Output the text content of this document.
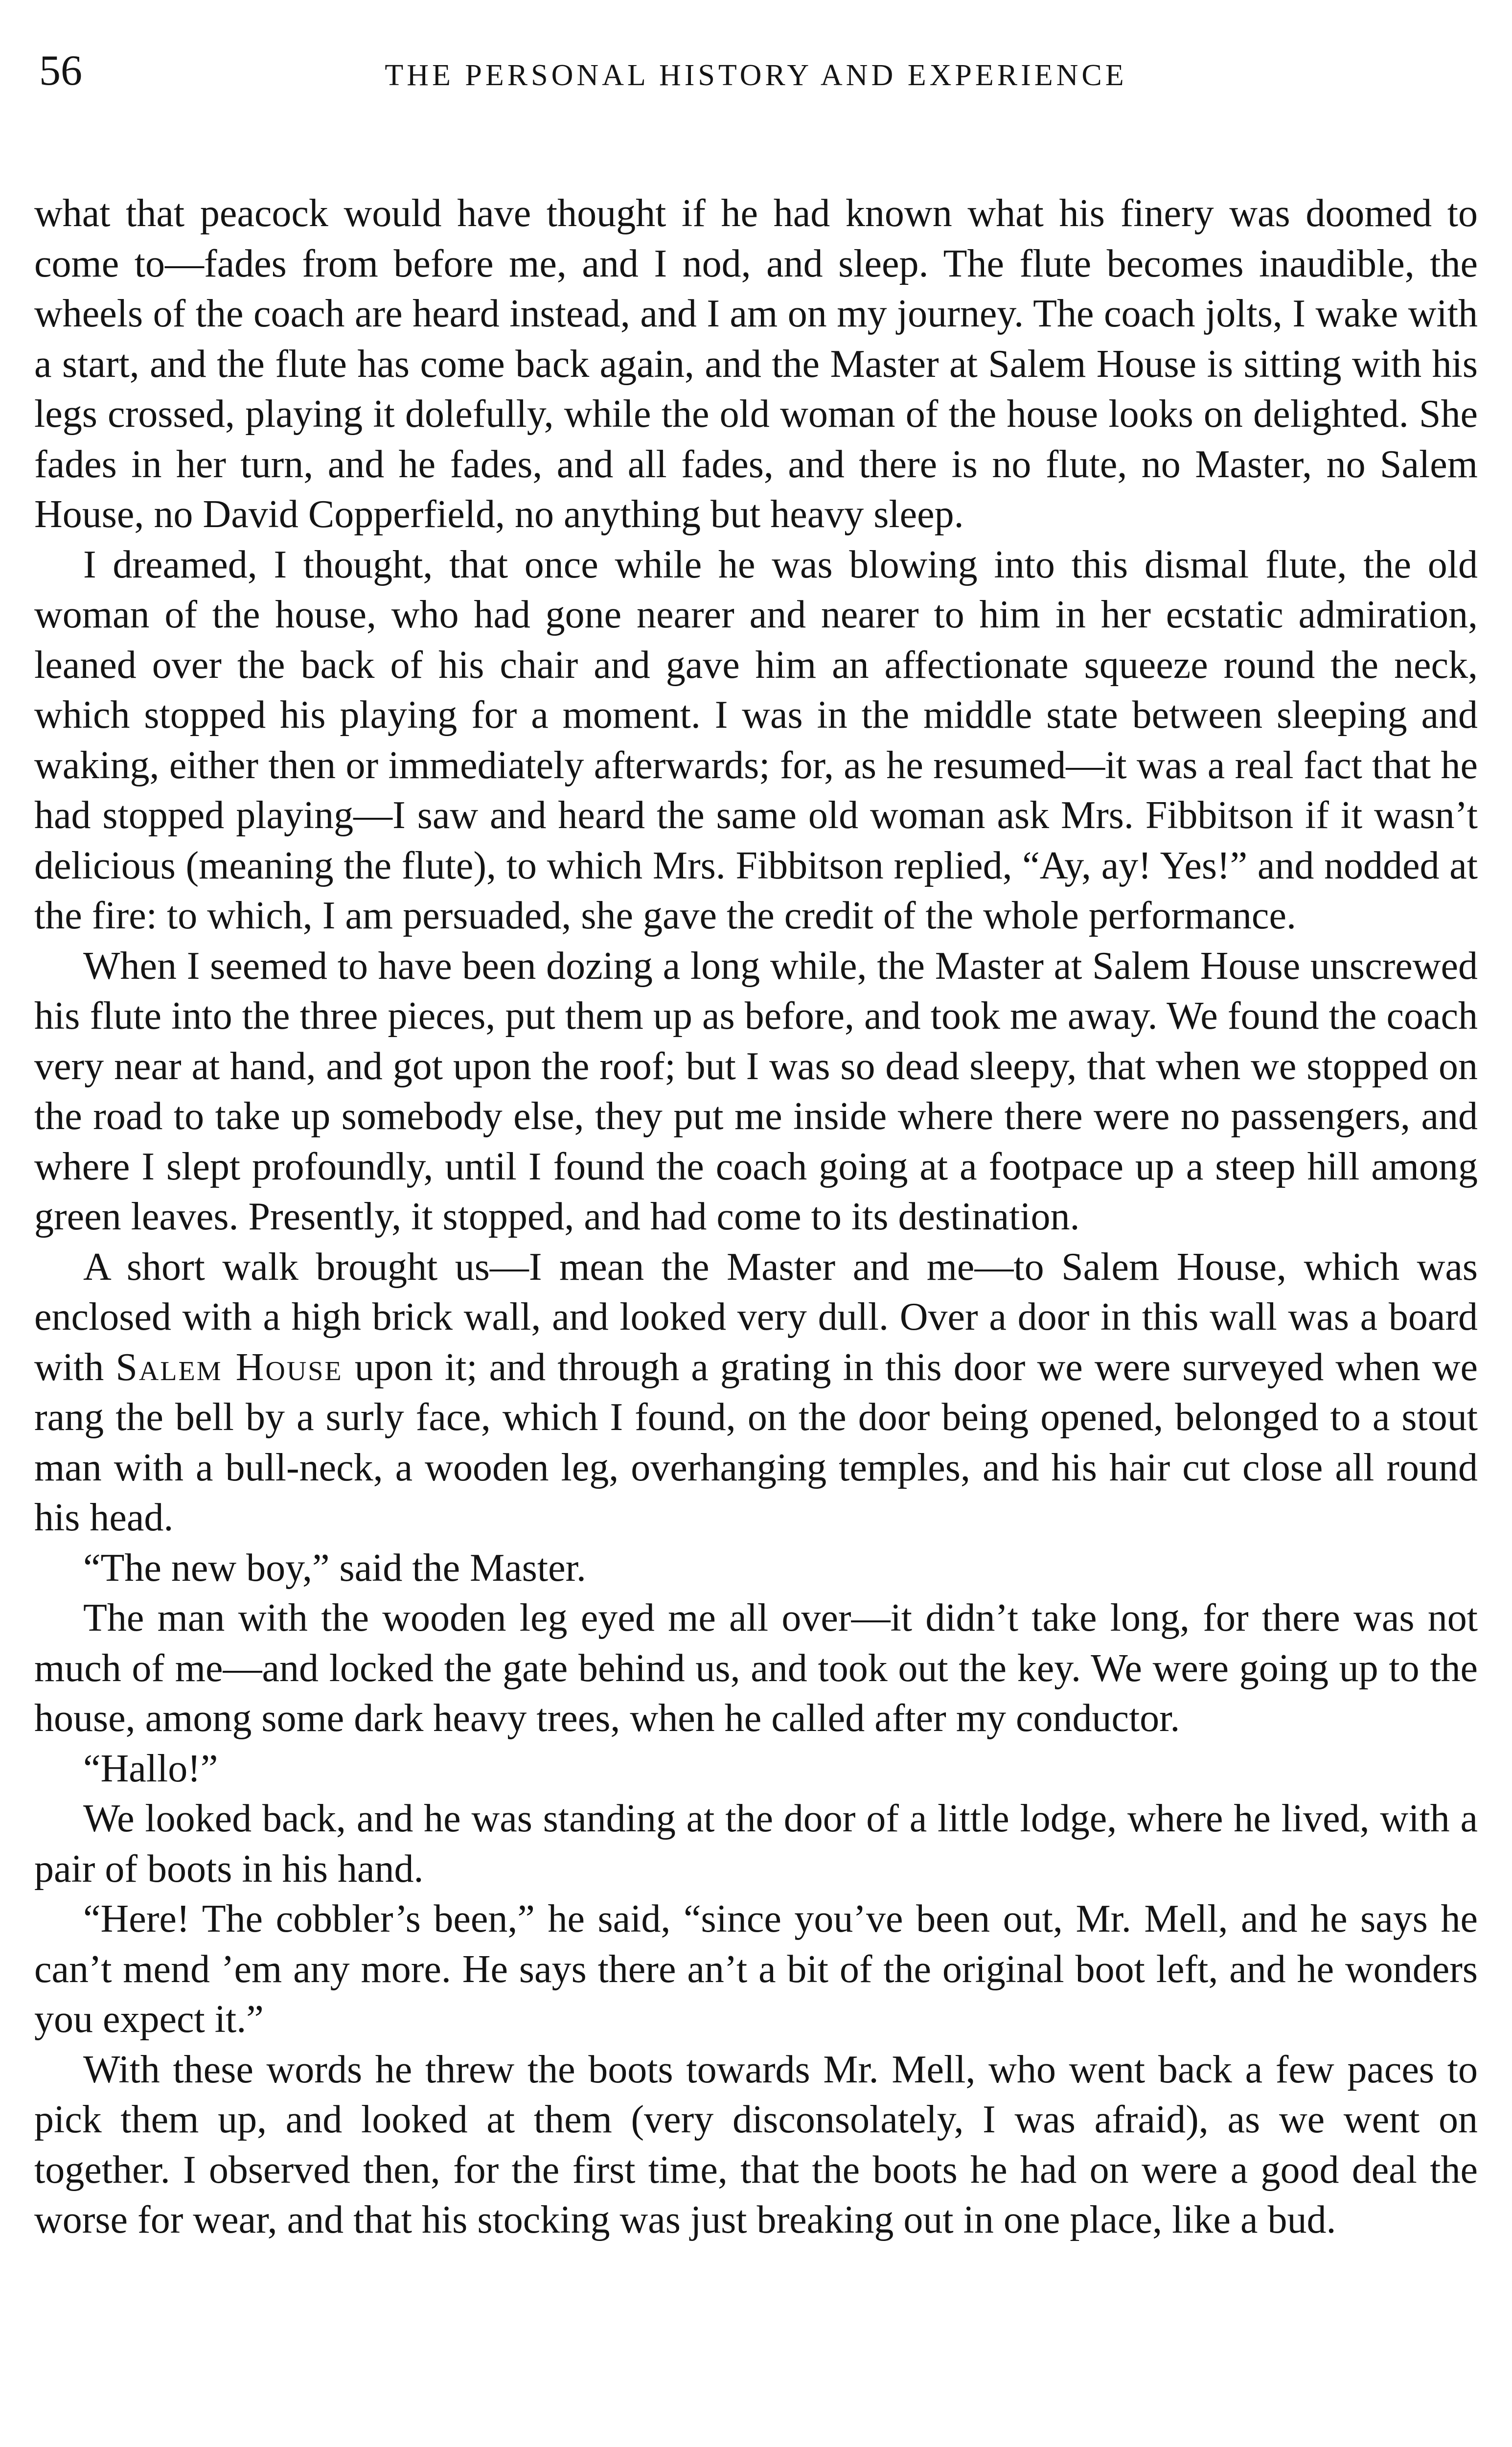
56	THE PERSONAL HISTORY AND EXPERIENCE

what that peacock would have thought if he had known what his finery was doomed to come to—fades from before me, and I nod, and sleep. The flute becomes inaudible, the wheels of the coach are heard instead, and I am on my journey. The coach jolts, I wake with a start, and the flute has come back again, and the Master at Salem House is sitting with his legs crossed, playing it dolefully, while the old woman of the house looks on delighted. She fades in her turn, and he fades, and all fades, and there is no flute, no Master, no Salem House, no David Copperfield, no anything but heavy sleep.

I dreamed, I thought, that once while he was blowing into this dismal flute, the old woman of the house, who had gone nearer and nearer to him in her ecstatic admiration, leaned over the back of his chair and gave him an affectionate squeeze round the neck, which stopped his playing for a moment. I was in the middle state between sleeping and waking, either then or immediately afterwards; for, as he resumed—it was a real fact that he had stopped playing—I saw and heard the same old woman ask Mrs. Fibbitson if it wasn’t delicious (meaning the flute), to which Mrs. Fibbitson replied, “Ay, ay! Yes!” and nodded at the fire: to which, I am persuaded, she gave the credit of the whole performance.

When I seemed to have been dozing a long while, the Master at Salem House unscrewed his flute into the three pieces, put them up as before, and took me away. We found the coach very near at hand, and got upon the roof; but I was so dead sleepy, that when we stopped on the road to take up somebody else, they put me inside where there were no passengers, and where I slept profoundly, until I found the coach going at a footpace up a steep hill among green leaves. Presently, it stopped, and had come to its destination.

A short walk brought us—I mean the Master and me—to Salem House, which was enclosed with a high brick wall, and looked very dull. Over a door in this wall was a board with Salem House upon it; and through a grating in this door we were surveyed when we rang the bell by a surly face, which I found, on the door being opened, belonged to a stout man with a bull-neck, a wooden leg, overhanging temples, and his hair cut close all round his head.

“The new boy,” said the Master.

The man with the wooden leg eyed me all over—it didn’t take long, for there was not much of me—and locked the gate behind us, and took out the key. We were going up to the house, among some dark heavy trees, when he called after my conductor.

“Hallo!”

We looked back, and he was standing at the door of a little lodge, where he lived, with a pair of boots in his hand.

“Here! The cobbler’s been,” he said, “since you’ve been out, Mr. Mell, and he says he can’t mend ’em any more. He says there an’t a bit of the original boot left, and he wonders you expect it.”

With these words he threw the boots towards Mr. Mell, who went back a few paces to pick them up, and looked at them (very disconsolately, I was afraid), as we went on together. I observed then, for the first time, that the boots he had on were a good deal the worse for wear, and that his stocking was just breaking out in one place, like a bud.
